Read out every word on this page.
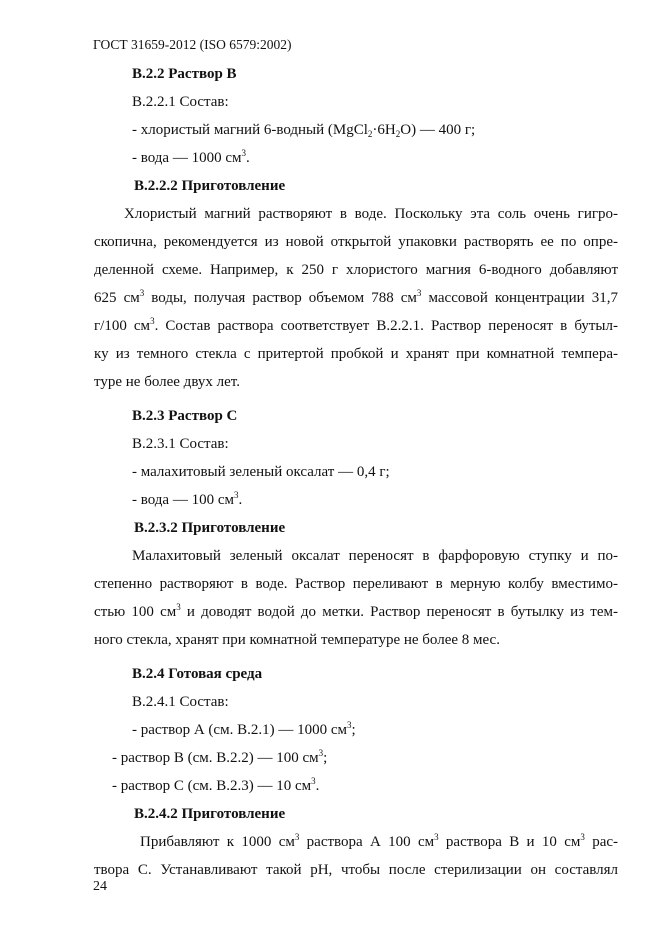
ГОСТ 31659-2012 (ISO 6579:2002)
В.2.2 Раствор В
В.2.2.1 Состав:
- хлористый магний 6-водный $(MgCl_2\cdot 6H_2O)$ — 400 г;
- вода — 1000 $см^3$.
В.2.2.2 Приготовление
Хлористый магний растворяют в воде. Поскольку эта соль очень гигро-
скопична, рекомендуется из новой открытой упаковки растворять ее по опре-
деленной схеме. Например, к 250 г хлористого магния 6-водного добавляют
625 $см^3$ воды, получая раствор объемом 788 $см^3$ массовой концентрации 31,7
г/100 $см^3$. Состав раствора соответствует В.2.2.1. Раствор переносят в бутыл-
ку из темного стекла с притертой пробкой и хранят при комнатной темпера-
туре не более двух лет.
В.2.3 Раствор С
В.2.3.1 Состав:
- малахитовый зеленый оксалат — 0,4 г;
- вода — 100 $см^3$.
В.2.3.2 Приготовление
Малахитовый зеленый оксалат переносят в фарфоровую ступку и по-
степенно растворяют в воде. Раствор переливают в мерную колбу вместимо-
стью 100 $см^3$ и доводят водой до метки. Раствор переносят в бутылку из тем-
ного стекла, хранят при комнатной температуре не более 8 мес.
В.2.4 Готовая среда
В.2.4.1 Состав:
- раствор А (см. В.2.1) — 1000 $см^3$;
- раствор В (см. В.2.2) — 100 $см^3$;
- раствор С (см. В.2.3) — 10 $см^3$.
В.2.4.2 Приготовление
Прибавляют к 1000 $см^3$ раствора А 100 $см^3$ раствора В и 10 $см^3$ рас-
твора С. Устанавливают такой pH, чтобы после стерилизации он составлял
24
